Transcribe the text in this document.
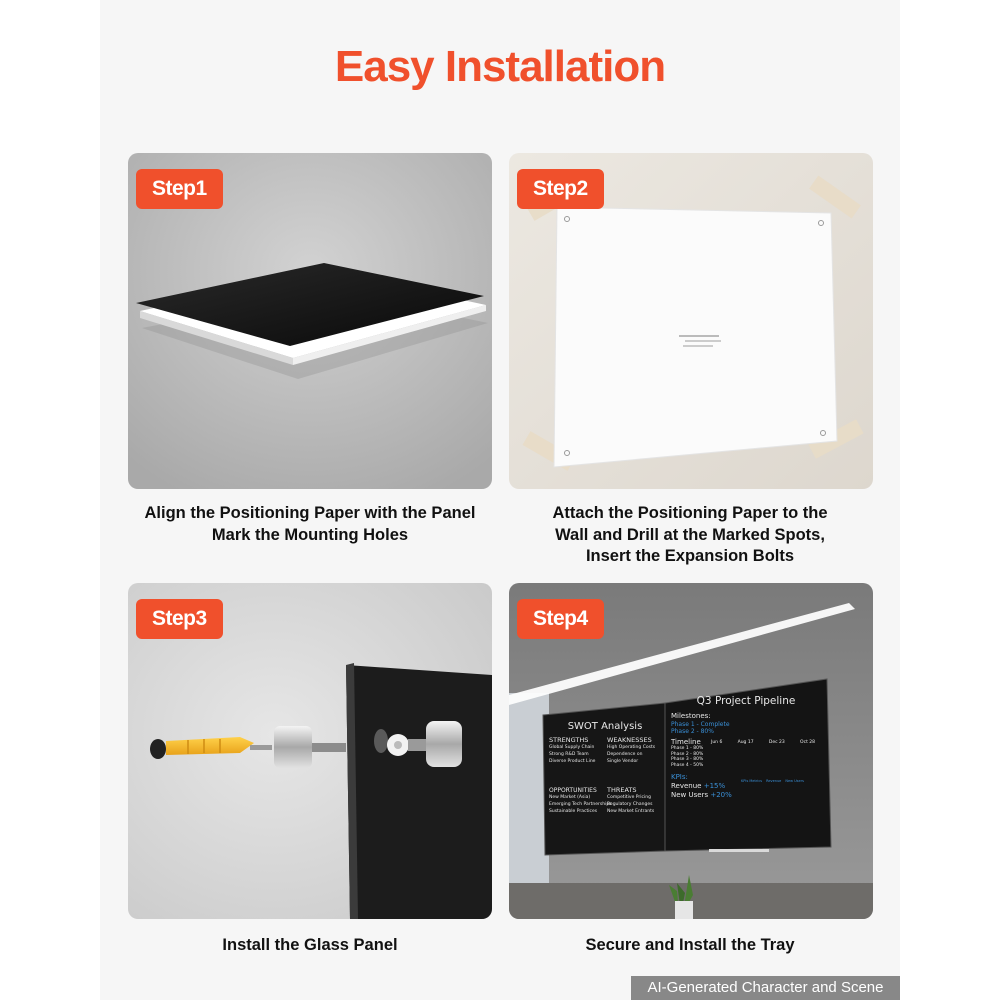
Easy Installation
Step1	Step2
Step3
SWOT Analysis
STRENGTHS
Global Supply Chain
Strong R&D Team
Diverse Product Line
WEAKNESSES
High Operating Costs
Dependence on
Single Vendor
OPPORTUNITIES
New Market (Asia)
Emerging Tech Partnerships
Sustainable Practices
THREATS
Competitive Pricing
Regulatory Changes
New Market Entrants
Q3 Project Pipeline
Milestones:
Phase 1 - Complete
Phase 2 - 80%
Timeline	Jun 6	Aug 17	Dec 23	Oct 28
Phase 1 - 80%
Phase 2 - 80%
Phase 3 - 80%
Phase 4 - 50%
KPIs:
Revenue +15%
New Users +20%
KPIs Metrics Revenue New Users
Step4
Align the Positioning Paper with the Panel
Mark the Mounting Holes
Attach the Positioning Paper to the
Wall and Drill at the Marked Spots,
Insert the Expansion Bolts
Install the Glass Panel	Secure and Install the Tray
AI-Generated Character and Scene
